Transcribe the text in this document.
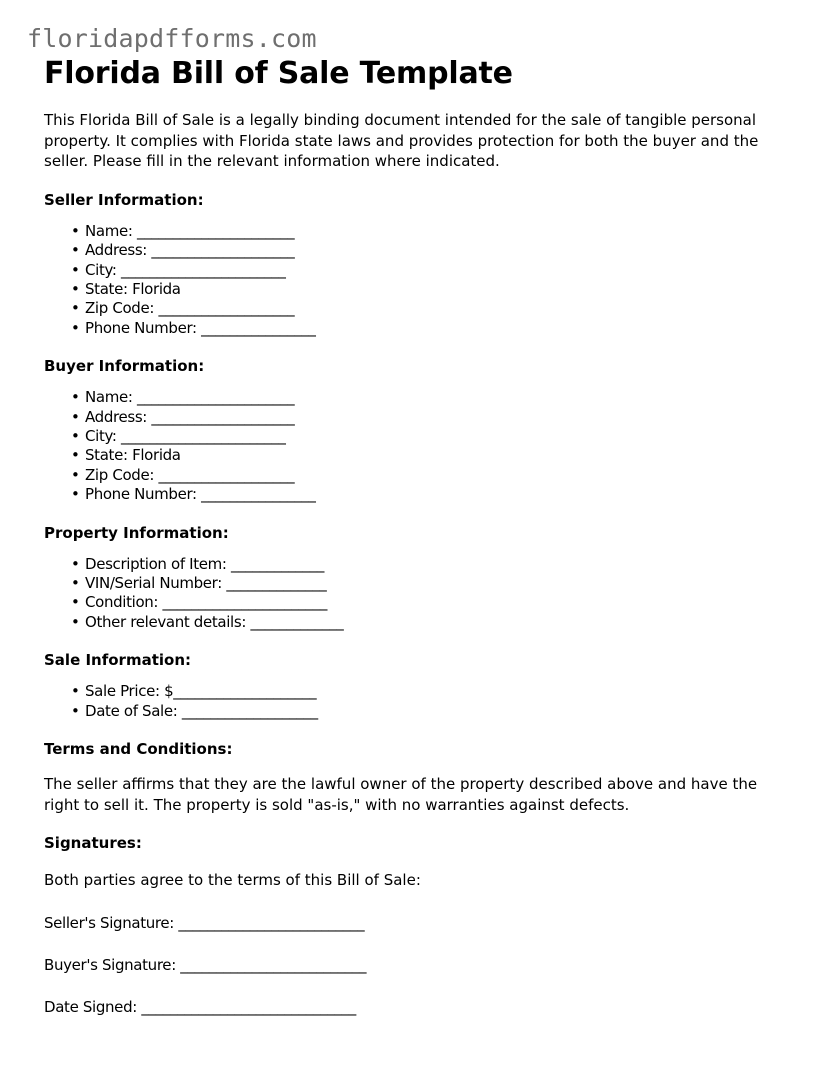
floridapdfforms.com
Florida Bill of Sale Template

This Florida Bill of Sale is a legally binding document intended for the sale of tangible personal property. It complies with Florida state laws and provides protection for both the buyer and the seller. Please fill in the relevant information where indicated.

Seller Information:
• Name: ______________________
• Address: ____________________
• City: _______________________
• State: Florida
• Zip Code: ___________________
• Phone Number: ________________
Buyer Information:
• Name: ______________________
• Address: ____________________
• City: _______________________
• State: Florida
• Zip Code: ___________________
• Phone Number: ________________
Property Information:
• Description of Item: _____________
• VIN/Serial Number: ______________
• Condition: _______________________
• Other relevant details: _____________
Sale Information:
• Sale Price: $____________________
• Date of Sale: ___________________
Terms and Conditions:

The seller affirms that they are the lawful owner of the property described above and have the right to sell it. The property is sold "as-is," with no warranties against defects.

Signatures:

Both parties agree to the terms of this Bill of Sale:

Seller's Signature: __________________________
Buyer's Signature: __________________________
Date Signed: ______________________________
